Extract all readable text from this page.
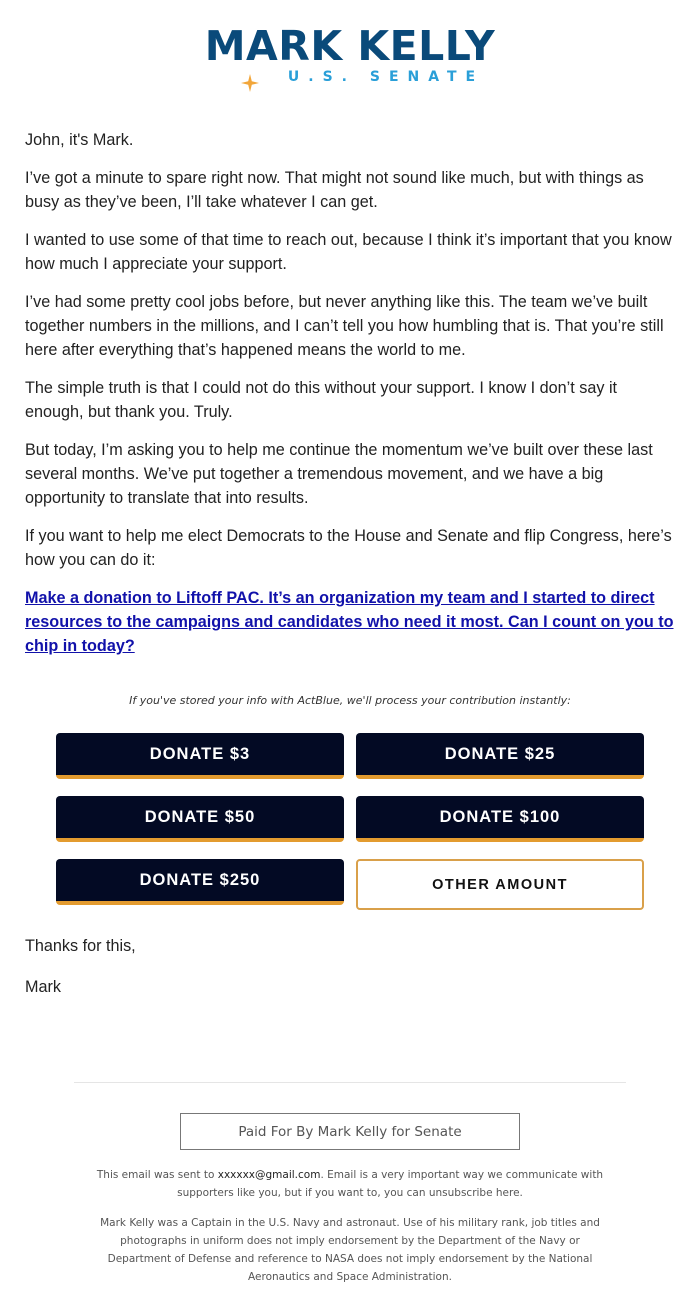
MARK KELLY
U.S. SENATE

John, it's Mark.

I’ve got a minute to spare right now. That might not sound like much, but with things as busy as they’ve been, I’ll take whatever I can get.

I wanted to use some of that time to reach out, because I think it’s important that you know how much I appreciate your support.

I’ve had some pretty cool jobs before, but never anything like this. The team we’ve built together numbers in the millions, and I can’t tell you how humbling that is. That you’re still here after everything that’s happened means the world to me.

The simple truth is that I could not do this without your support. I know I don’t say it enough, but thank you. Truly.

But today, I’m asking you to help me continue the momentum we’ve built over these last several months. We’ve put together a tremendous movement, and we have a big opportunity to translate that into results.

If you want to help me elect Democrats to the House and Senate and flip Congress, here’s how you can do it:

Make a donation to Liftoff PAC. It’s an organization my team and I started to direct resources to the campaigns and candidates who need it most. Can I count on you to chip in today?
If you've stored your info with ActBlue, we'll process your contribution instantly:
DONATE $3	DONATE $25
DONATE $50	DONATE $100
DONATE $250	OTHER AMOUNT

Thanks for this,

Mark

Paid For By Mark Kelly for Senate
This email was sent to xxxxxx@gmail.com. Email is a very important way we communicate with supporters like you, but if you want to, you can unsubscribe here.
Mark Kelly was a Captain in the U.S. Navy and astronaut. Use of his military rank, job titles and photographs in uniform does not imply endorsement by the Department of the Navy or Department of Defense and reference to NASA does not imply endorsement by the National Aeronautics and Space Administration.
